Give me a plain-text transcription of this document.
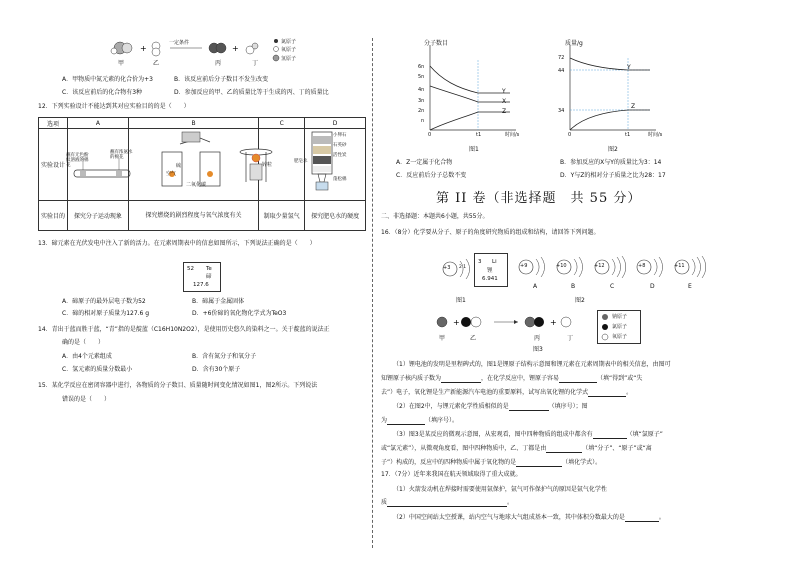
+	+
一定条件
甲	乙	丙	丁
氮原子
氧原子
氢原子
A．甲物质中氮元素的化合价为+3	B．该反应前后分子数目不发生改变
C．该反应前后的化合物有3种	D．参加反应的甲、乙的质量比等于生成的丙、丁的质量比
12．下列实验设计不能达到其对应实验目的的是（　　）
选项	A	B	C	D
实验设计				
实验目的	探究分子运动现象	探究燃烧的剧烈程度与氧气浓度有关	制取少量氢气	探究肥皂水的硬度
蘸有无色酚酞溶液的棉花
蘸有浓氨水的棉花
硫
空气
二氧化碳
锌粒
小卵石
石英砂
活性炭
蓬松棉
肥皂水
13．碲元素在光伏发电中注入了新的活力。在元素周期表中的信息如图所示，下列说法正确的是（　　）
52 Te
碲
127.6
A．碲原子的最外层电子数为52	B．碲属于金属固体
C．碲的相对原子质量为127.6 g	D．+6价碲的氧化物化学式为TeO3
14．青出于蓝而胜于蓝，“青”指的是靛蓝（C16H10N2O2），是使用历史悠久的染料之一。关于靛蓝的说法正
确的是（　　）
A．由4个元素组成	B．含有氮分子和氧分子
C．氢元素的质量分数最小	D．含有30个原子
15．某化学反应在密闭容器中进行，各物质的分子数目、质量随时间变化情况如图1，图2所示。下列说法
错误的是（　　）
分子数目
6n
5n
4n
3n
2n
n
0	t1	时间/s
Y
X
Z
图1
质量/g
72
44
34
0	t1	时间/s
Y
Z
图2
A．Z一定属于化合物	B．参加反应的X与Y的质量比为3：14
C．反应前后分子总数不变	D．Y与Z的相对分子质量之比为28：17
第 II 卷（非选择题　共 55 分）
二、非选择题：本题共6小题，共55分。
16．（8分）化学要从分子、原子的角度研究物质的组成和结构，请回答下列问题。
+3 2 1
3 Li
锂
6.941
图1
+9	+10	+12	+8	+11
A	B	C	D	E
图2
+	+
甲	乙	丙	丁
钠原子
氯原子
氧原子
图3
（1）锂电池的发明是里程碑式的，图1是锂原子结构示意图和锂元素在元素周期表中的相关信息，由图可
知锂原子核内质子数为	，在化学反应中，锂原子容易	（填“得到”或“失
去”）电子，氧化锂是生产新能源汽车电池的重要原料，试写出氧化锂的化学式	。
（2）在图2中，与锂元素化学性质相似的是	（填序号）；图
为	（填序号）。
（3）图3是某反应的微观示意图，从宏观看，图中四种物质的组成中都含有	（填“氯原子”
或“氯元素”），从微观角度看，图中四种物质中，乙、丁都是由	（填“分子”、“原子”或“离
子”）构成的，反应中的四种物质中属于氧化物的是	（填化学式）。
17．（7分）近年来我国在航天领域取得了重大成就。
（1）火箭发动机在焊接时需要使用氩保护，氩气可作保护气的原因是氩气化学性
质	。
（2）中国空间站太空授课，站内空气与地球大气组成基本一致，其中体积分数最大的是	。
